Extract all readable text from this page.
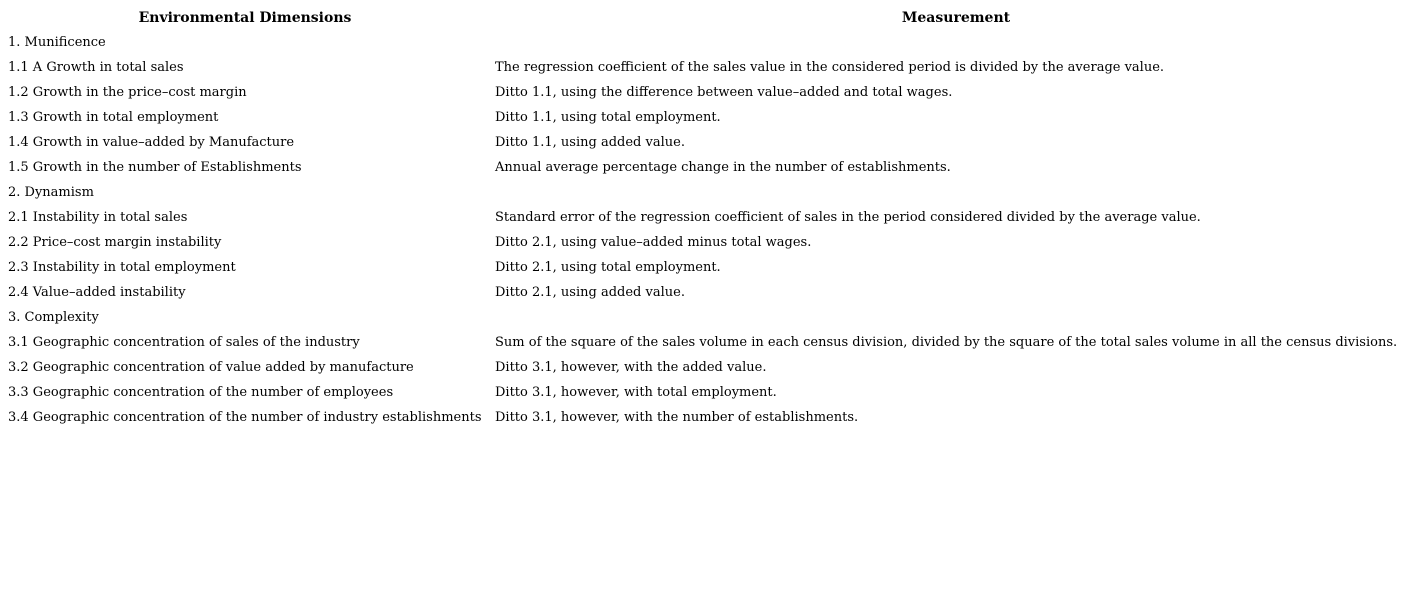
Environmental Dimensions	Measurement
1. Munificence	
1.1 A Growth in total sales	The regression coefficient of the sales value in the considered period is divided by the average value.
1.2 Growth in the price–cost margin	Ditto 1.1, using the difference between value–added and total wages.
1.3 Growth in total employment	Ditto 1.1, using total employment.
1.4 Growth in value–added by Manufacture	Ditto 1.1, using added value.
1.5 Growth in the number of Establishments	Annual average percentage change in the number of establishments.
2. Dynamism	
2.1 Instability in total sales	Standard error of the regression coefficient of sales in the period considered divided by the average value.
2.2 Price–cost margin instability	Ditto 2.1, using value–added minus total wages.
2.3 Instability in total employment	Ditto 2.1, using total employment.
2.4 Value–added instability	Ditto 2.1, using added value.
3. Complexity	
3.1 Geographic concentration of sales of the industry	Sum of the square of the sales volume in each census division, divided by the square of the total sales volume in all the census divisions.
3.2 Geographic concentration of value added by manufacture	Ditto 3.1, however, with the added value.
3.3 Geographic concentration of the number of employees	Ditto 3.1, however, with total employment.
3.4 Geographic concentration of the number of industry establishments	Ditto 3.1, however, with the number of establishments.
